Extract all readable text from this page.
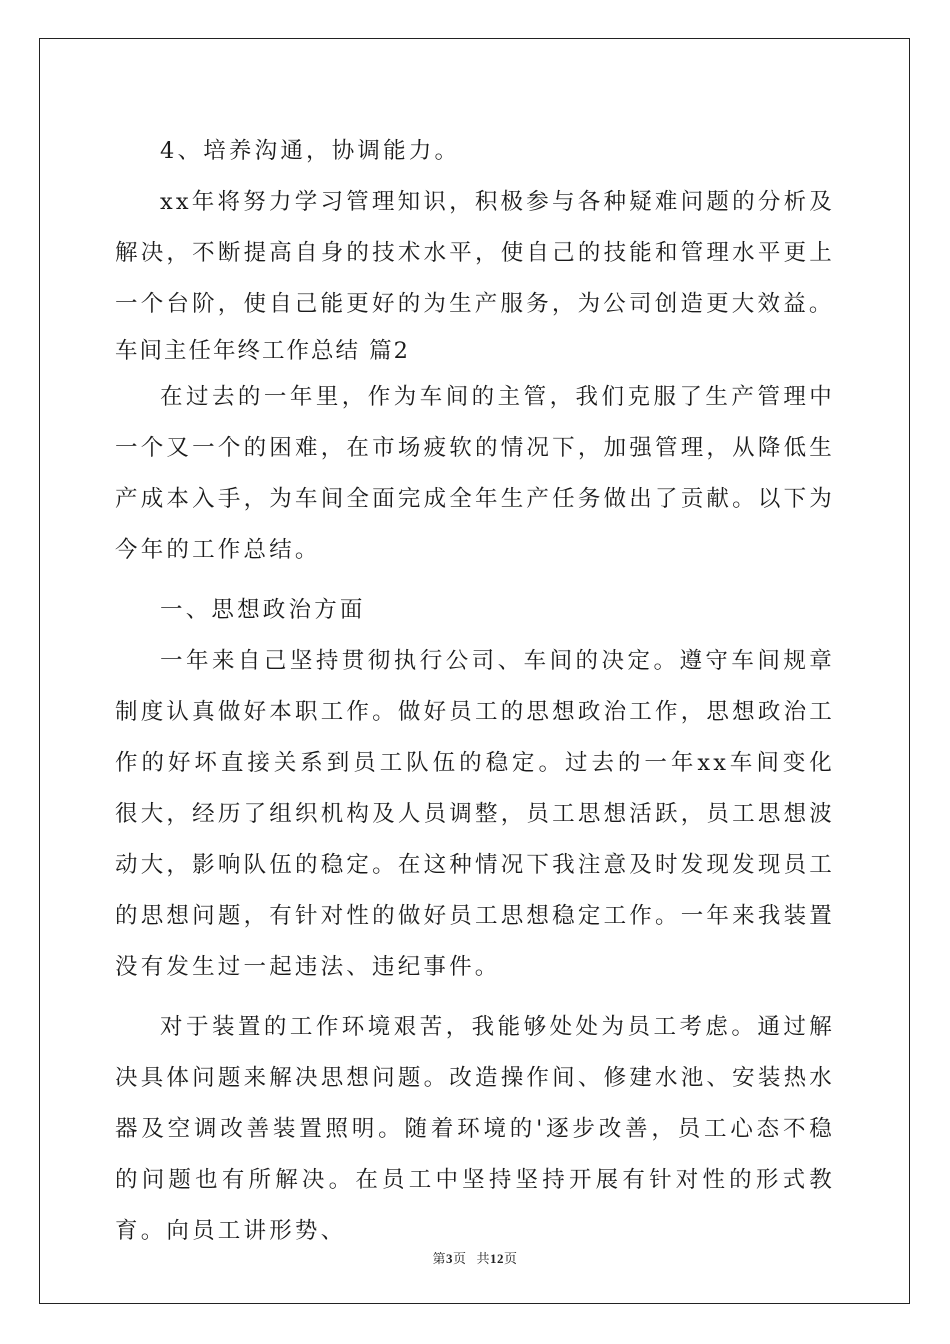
4、培养沟通，协调能力。

xx年将努力学习管理知识，积极参与各种疑难问题的分析及解决，不断提高自身的技术水平，使自己的技能和管理水平更上一个台阶，使自己能更好的为生产服务，为公司创造更大效益。

车间主任年终工作总结 篇2

在过去的一年里，作为车间的主管，我们克服了生产管理中一个又一个的困难，在市场疲软的情况下，加强管理，从降低生产成本入手，为车间全面完成全年生产任务做出了贡献。以下为今年的工作总结。

一、思想政治方面

一年来自己坚持贯彻执行公司、车间的决定。遵守车间规章制度认真做好本职工作。做好员工的思想政治工作，思想政治工作的好坏直接关系到员工队伍的稳定。过去的一年xx车间变化很大，经历了组织机构及人员调整，员工思想活跃，员工思想波动大，影响队伍的稳定。在这种情况下我注意及时发现发现员工的思想问题，有针对性的做好员工思想稳定工作。一年来我装置没有发生过一起违法、违纪事件。

对于装置的工作环境艰苦，我能够处处为员工考虑。通过解决具体问题来解决思想问题。改造操作间、修建水池、安装热水器及空调改善装置照明。随着环境的'逐步改善，员工心态不稳的问题也有所解决。在员工中坚持坚持开展有针对性的形式教育。向员工讲形势、

第3页 共12页
